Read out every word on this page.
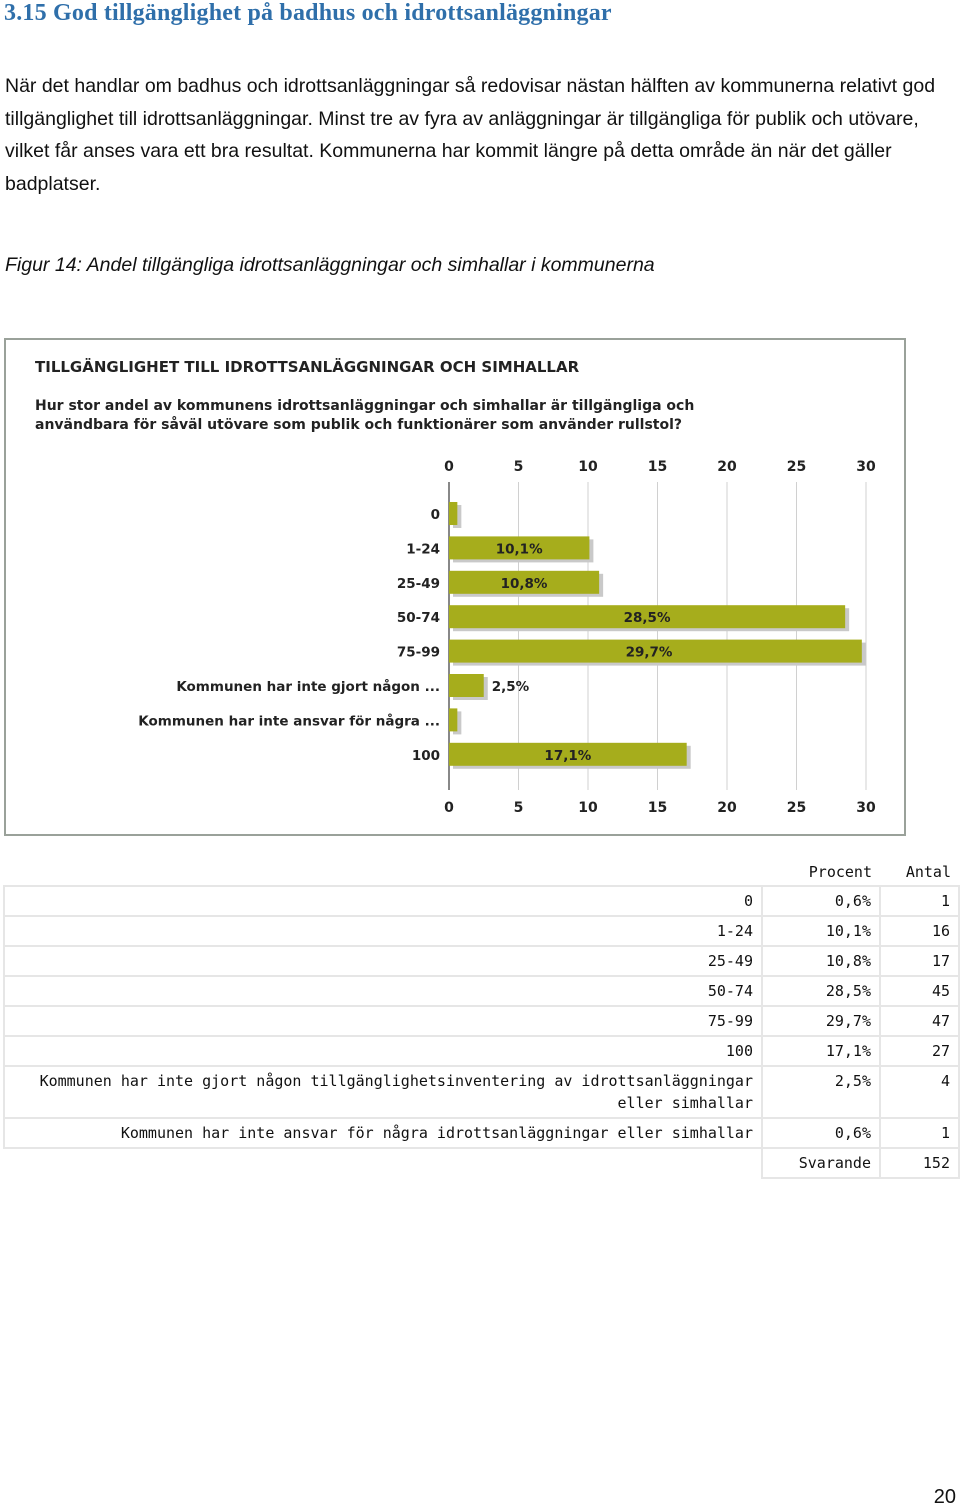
3.15 God tillgänglighet på badhus och idrottsanläggningar

När det handlar om badhus och idrottsanläggningar så redovisar nästan hälften av kommunerna relativt god tillgänglighet till idrottsanläggningar. Minst tre av fyra av anläggningar är tillgängliga för publik och utövare, vilket får anses vara ett bra resultat. Kommunerna har kommit längre på detta område än när det gäller badplatser.

Figur 14: Andel tillgängliga idrottsanläggningar och simhallar i kommunerna

TILLGÄNGLIGHET TILL IDROTTSANLÄGGNINGAR OCH SIMHALLAR
Hur stor andel av kommunens idrottsanläggningar och simhallar är tillgängliga och
användbara för såväl utövare som publik och funktionärer som använder rullstol?
0
0
5
5
10
10
15
15
20
20
25
25
30
30
0
1-24	10,1%
25-49	10,8%
50-74	28,5%
75-99	29,7%
Kommunen har inte gjort någon ...	2,5%
Kommunen har inte ansvar för några ...
100	17,1%
	Procent	Antal
0	0,6%	1
1-24	10,1%	16
25-49	10,8%	17
50-74	28,5%	45
75-99	29,7%	47
100	17,1%	27
Kommunen har inte gjort någon tillgänglighetsinventering av idrottsanläggningar eller simhallar	2,5%	4
Kommunen har inte ansvar för några idrottsanläggningar eller simhallar	0,6%	1
	Svarande	152
20
